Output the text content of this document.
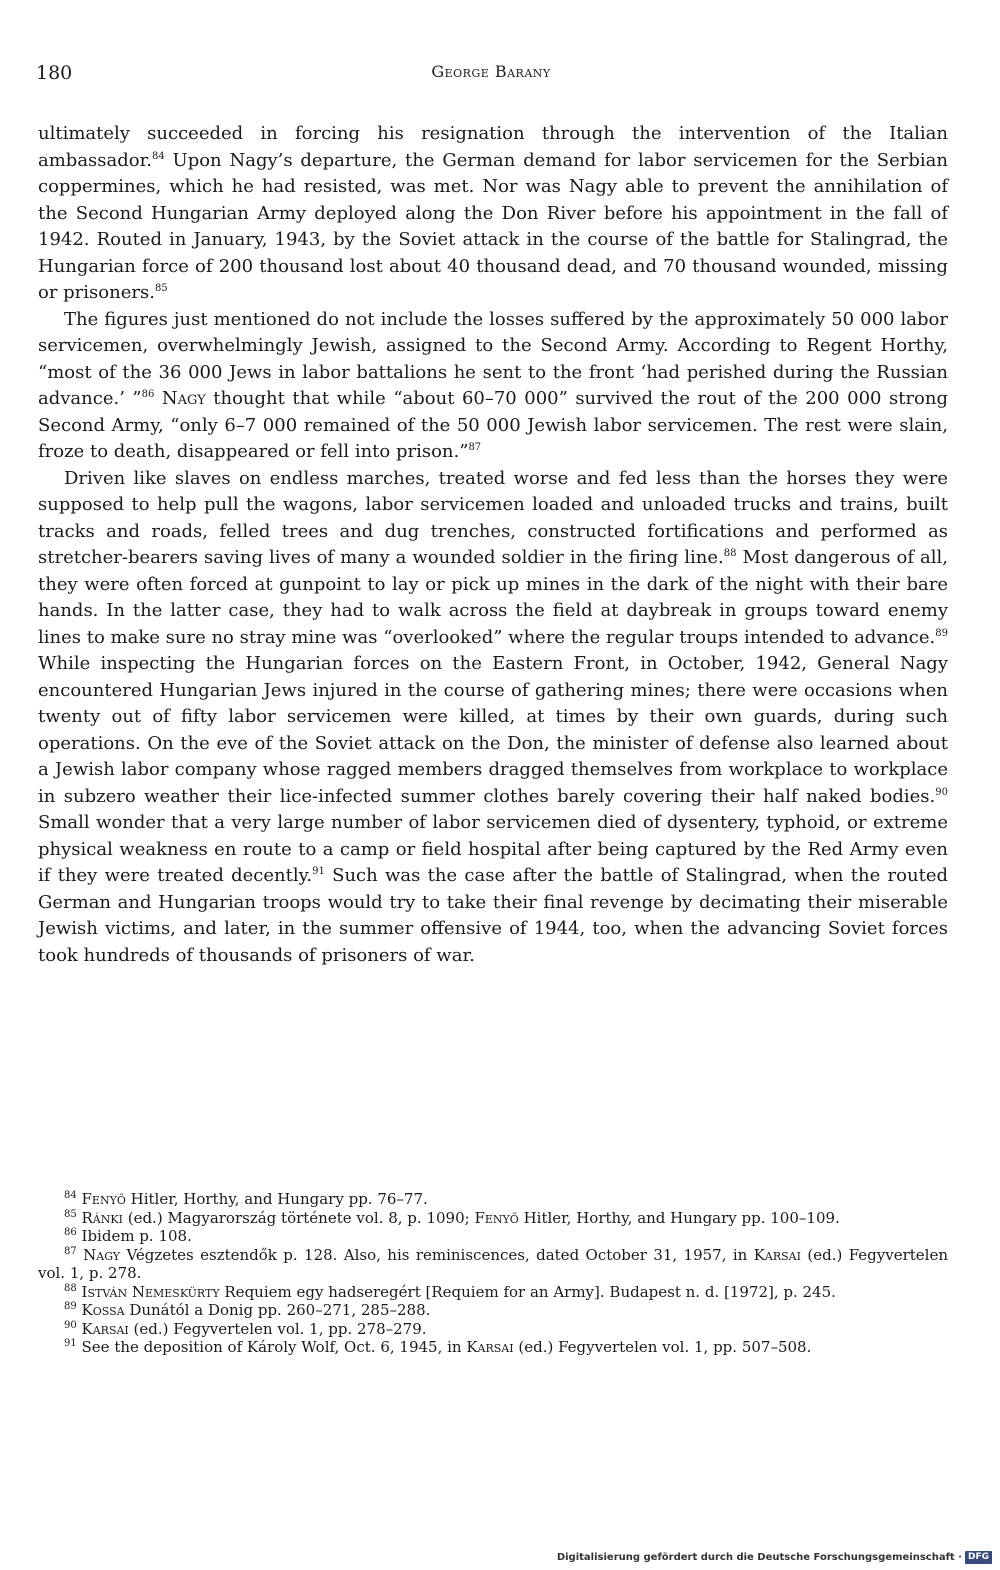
180	George Barany

ultimately succeeded in forcing his resignation through the intervention of the Italian ambassador.$^{84}$ Upon Nagy’s departure, the German demand for labor servicemen for the Serbian coppermines, which he had resisted, was met. Nor was Nagy able to prevent the annihilation of the Second Hungarian Army deployed along the Don River before his appointment in the fall of 1942. Routed in January, 1943, by the Soviet attack in the course of the battle for Stalingrad, the Hungarian force of 200 thousand lost about 40 thousand dead, and 70 thousand wounded, missing or prisoners.$^{85}$

The figures just mentioned do not include the losses suffered by the approximately 50 000 labor servicemen, overwhelmingly Jewish, assigned to the Second Army. According to Regent Horthy, “most of the 36 000 Jews in labor battalions he sent to the front ‘had perished during the Russian advance.’ ”$^{86}$ Nagy thought that while “about 60–70 000” survived the rout of the 200 000 strong Second Army, “only 6–7 000 remained of the 50 000 Jewish labor servicemen. The rest were slain, froze to death, disappeared or fell into prison.”$^{87}$

Driven like slaves on endless marches, treated worse and fed less than the horses they were supposed to help pull the wagons, labor servicemen loaded and unloaded trucks and trains, built tracks and roads, felled trees and dug trenches, constructed fortifications and performed as stretcher-bearers saving lives of many a wounded soldier in the firing line.$^{88}$ Most dangerous of all, they were often forced at gunpoint to lay or pick up mines in the dark of the night with their bare hands. In the latter case, they had to walk across the field at daybreak in groups toward enemy lines to make sure no stray mine was “overlooked” where the regular troups intended to advance.$^{89}$ While inspecting the Hungarian forces on the Eastern Front, in October, 1942, General Nagy encountered Hungarian Jews injured in the course of gathering mines; there were occasions when twenty out of fifty labor servicemen were killed, at times by their own guards, during such operations. On the eve of the Soviet attack on the Don, the minister of defense also learned about a Jewish labor company whose ragged members dragged themselves from workplace to workplace in subzero weather their lice-infected summer clothes barely covering their half naked bodies.$^{90}$ Small wonder that a very large number of labor servicemen died of dysentery, typhoid, or extreme physical weakness en route to a camp or field hospital after being captured by the Red Army even if they were treated decently.$^{91}$ Such was the case after the battle of Stalingrad, when the routed German and Hungarian troops would try to take their final revenge by decimating their miserable Jewish victims, and later, in the summer offensive of 1944, too, when the advancing Soviet forces took hundreds of thousands of prisoners of war.

$^{84}$ Fenyő Hitler, Horthy, and Hungary pp. 76–77.

$^{85}$ Ránki (ed.) Magyarország története vol. 8, p. 1090; Fenyő Hitler, Horthy, and Hungary pp. 100–109.

$^{86}$ Ibidem p. 108.

$^{87}$ Nagy Végzetes esztendők p. 128. Also, his reminiscences, dated October 31, 1957, in Karsai (ed.) Fegyvertelen vol. 1, p. 278.

$^{88}$ István Nemeskürty Requiem egy hadseregért [Requiem for an Army]. Budapest n. d. [1972], p. 245.

$^{89}$ Kossa Dunától a Donig pp. 260–271, 285–288.

$^{90}$ Karsai (ed.) Fegyvertelen vol. 1, pp. 278–279.

$^{91}$ See the deposition of Károly Wolf, Oct. 6, 1945, in Karsai (ed.) Fegyvertelen vol. 1, pp. 507–508.

Digitalisierung gefördert durch die Deutsche Forschungsgemeinschaft · DFG
